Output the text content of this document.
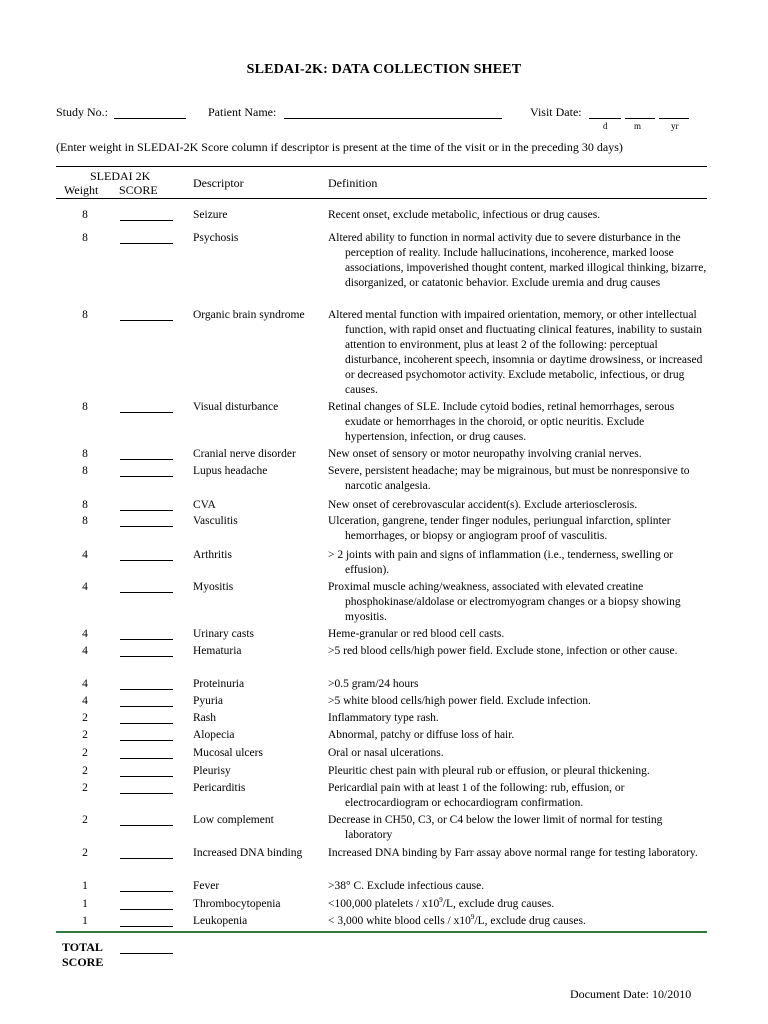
SLEDAI-2K: DATA COLLECTION SHEET
Study No.:	Patient Name:	Visit Date:
d	m	yr
(Enter weight in SLEDAI-2K Score column if descriptor is present at the time of the visit or in the preceding 30 days)
SLEDAI 2K
Weight SCORE	Descriptor	Definition
8	Seizure	Recent onset, exclude metabolic, infectious or drug causes.

8	Psychosis	Altered ability to function in normal activity due to severe disturbance in the perception of reality. Include hallucinations, incoherence, marked loose associations, impoverished thought content, marked illogical thinking, bizarre, disorganized, or catatonic behavior. Exclude uremia and drug causes

8	Organic brain syndrome	Altered mental function with impaired orientation, memory, or other intellectual function, with rapid onset and fluctuating clinical features, inability to sustain attention to environment, plus at least 2 of the following: perceptual disturbance, incoherent speech, insomnia or daytime drowsiness, or increased or decreased psychomotor activity. Exclude metabolic, infectious, or drug causes.

8	Visual disturbance	Retinal changes of SLE. Include cytoid bodies, retinal hemorrhages, serous exudate or hemorrhages in the choroid, or optic neuritis. Exclude hypertension, infection, or drug causes.

8	Cranial nerve disorder	New onset of sensory or motor neuropathy involving cranial nerves.

8	Lupus headache	Severe, persistent headache; may be migrainous, but must be nonresponsive to narcotic analgesia.

8	CVA	New onset of cerebrovascular accident(s). Exclude arteriosclerosis.

8	Vasculitis	Ulceration, gangrene, tender finger nodules, periungual infarction, splinter hemorrhages, or biopsy or angiogram proof of vasculitis.

4	Arthritis	> 2 joints with pain and signs of inflammation (i.e., tenderness, swelling or effusion).

4	Myositis	Proximal muscle aching/weakness, associated with elevated creatine phosphokinase/aldolase or electromyogram changes or a biopsy showing myositis.

4	Urinary casts	Heme-granular or red blood cell casts.

4	Hematuria	>5 red blood cells/high power field. Exclude stone, infection or other cause.

4	Proteinuria	>0.5 gram/24 hours

4	Pyuria	>5 white blood cells/high power field. Exclude infection.

2	Rash	Inflammatory type rash.

2	Alopecia	Abnormal, patchy or diffuse loss of hair.

2	Mucosal ulcers	Oral or nasal ulcerations.

2	Pleurisy	Pleuritic chest pain with pleural rub or effusion, or pleural thickening.

2	Pericarditis	Pericardial pain with at least 1 of the following: rub, effusion, or electrocardiogram or echocardiogram confirmation.

2	Low complement	Decrease in CH50, C3, or C4 below the lower limit of normal for testing laboratory

2	Increased DNA binding	Increased DNA binding by Farr assay above normal range for testing laboratory.

1	Fever	>38° C. Exclude infectious cause.

1	Thrombocytopenia	<100,000 platelets / $x10^9/L$, exclude drug causes.

1	Leukopenia	< 3,000 white blood cells / $x10^9/L$, exclude drug causes.

TOTAL
SCORE
Document Date: 10/2010
